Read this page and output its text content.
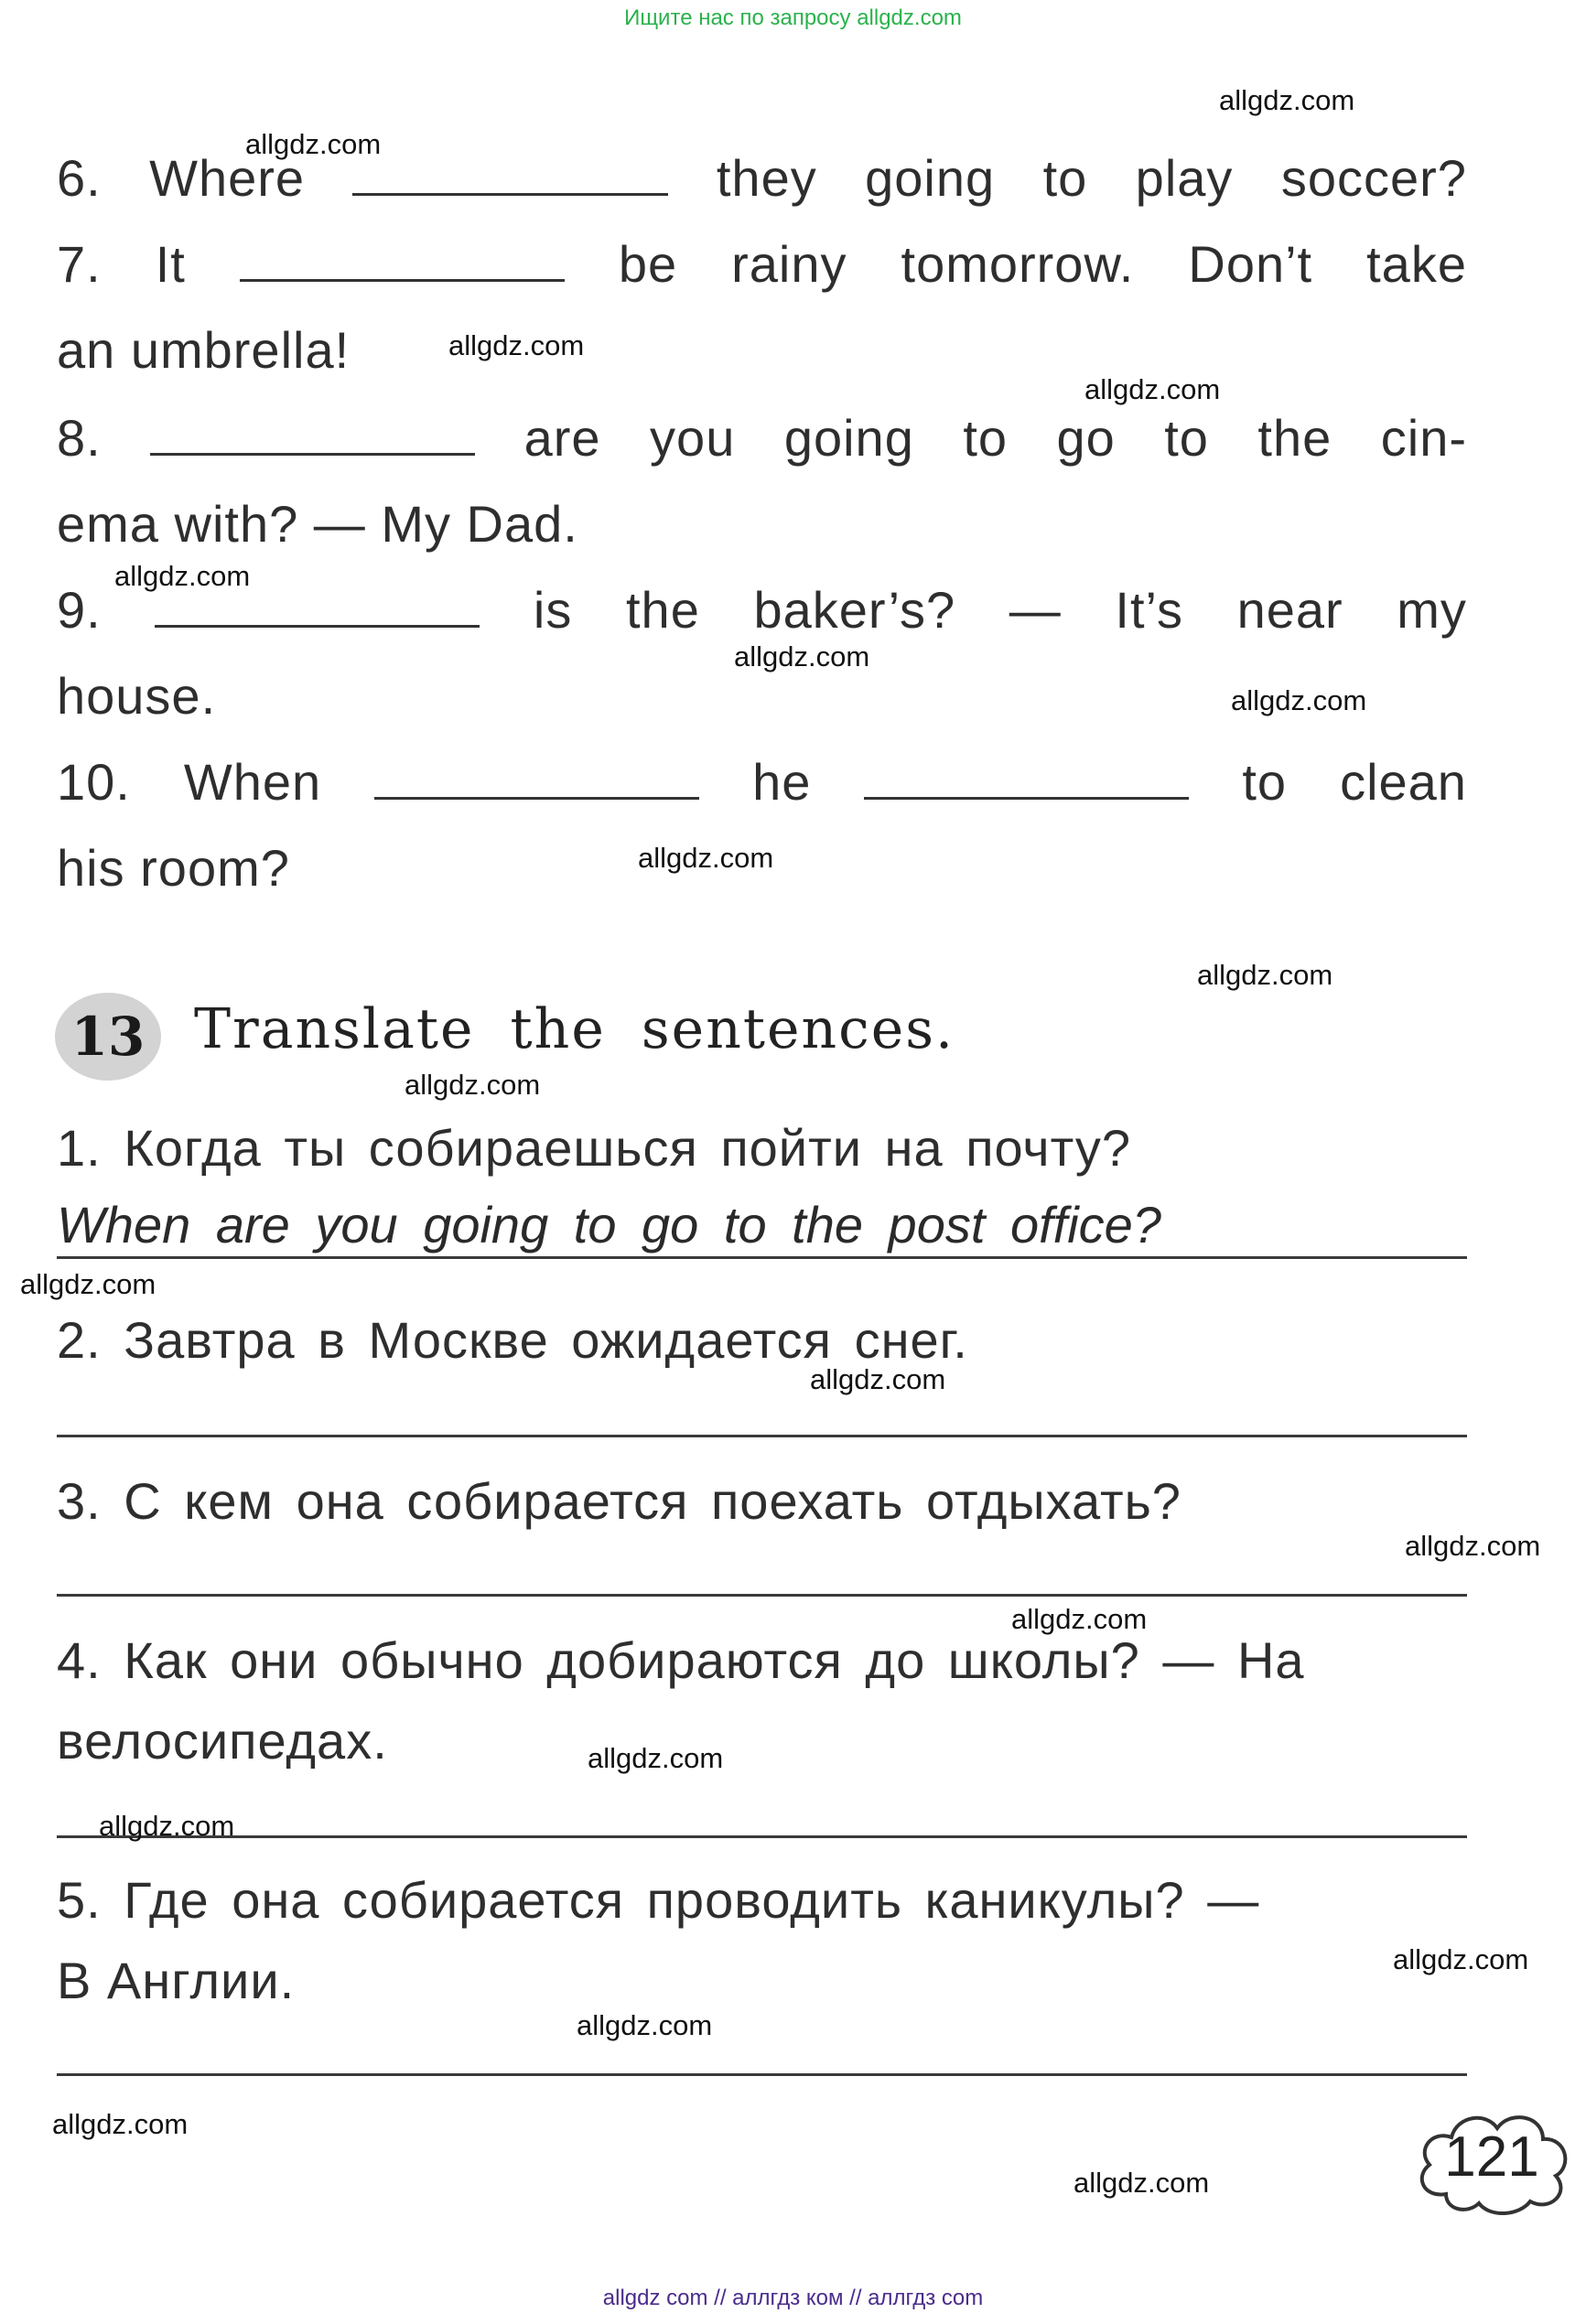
Ищите нас по запросу allgdz.com
6. Where	they going to play soccer?
7. It	be rainy tomorrow. Don’t take
an umbrella!
8.	are you going to go to the cin-
ema with? — My Dad.
9.	is the baker’s? — It’s near my
house.
10. When	he	to clean
his room?
13 Translate the sentences.
1. Когда ты собираешься пойти на почту?
When are you going to go to the post office?
2. Завтра в Москве ожидается снег.
3. С кем она собирается поехать отдыхать?
4. Как они обычно добираются до школы? — На
велосипедах.
5. Где она собирается проводить каникулы? —
В Англии.
121
allgdz.com
allgdz.com
allgdz.com
allgdz.com
allgdz.com
allgdz.com
allgdz.com
allgdz.com
allgdz.com
allgdz.com
allgdz.com
allgdz.com
allgdz.com
allgdz.com
allgdz.com
allgdz.com
allgdz.com
allgdz.com
allgdz.com
allgdz.com
allgdz com // аллгдз ком // аллгдз com
